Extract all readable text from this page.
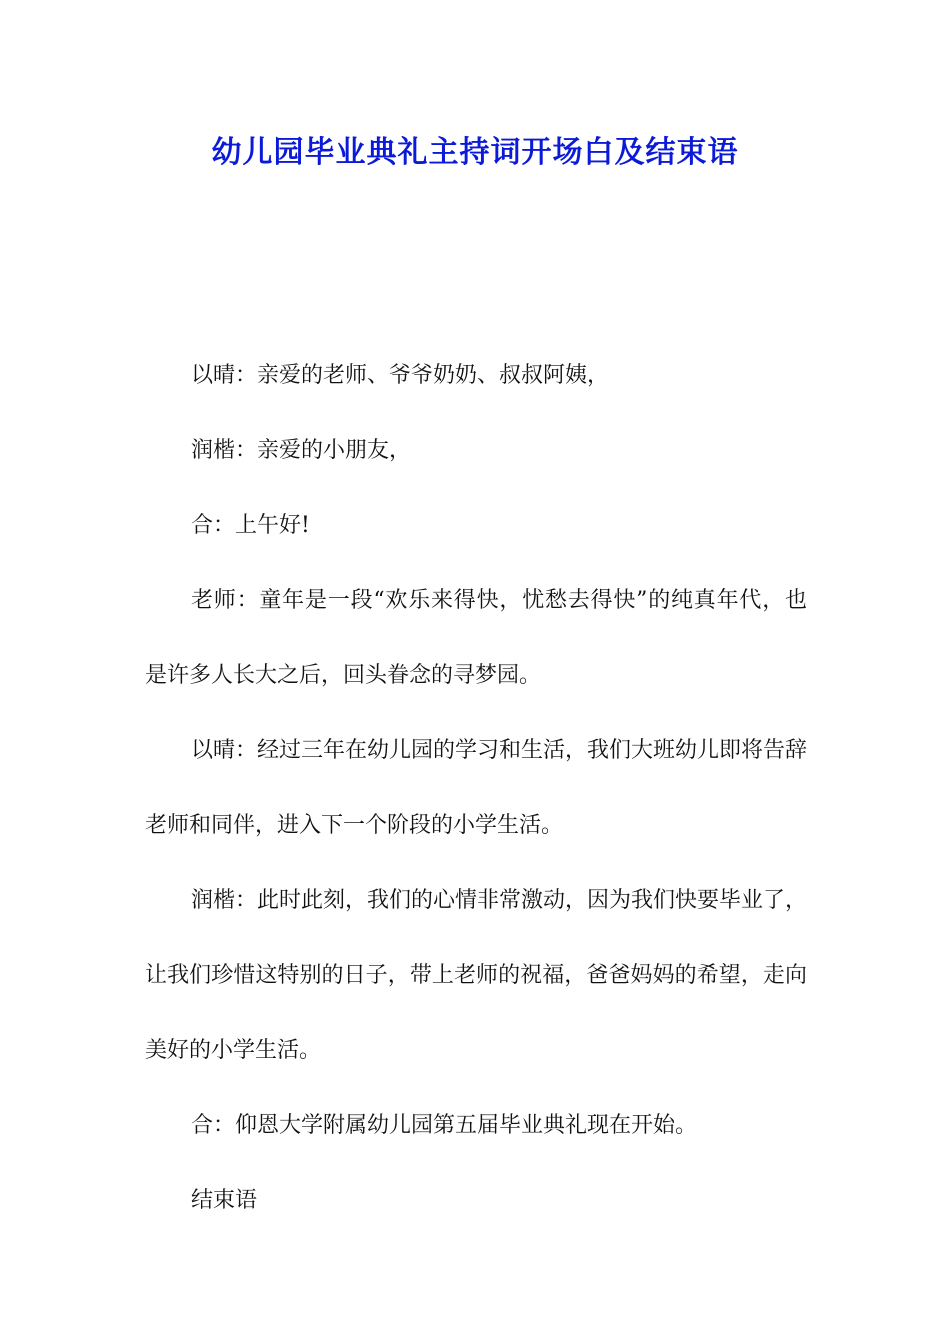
幼儿园毕业典礼主持词开场白及结束语

以晴：亲爱的老师、爷爷奶奶、叔叔阿姨，

润楷：亲爱的小朋友，

合：上午好!

老师：童年是一段“欢乐来得快，忧愁去得快”的纯真年代，也是许多人长大之后，回头眷念的寻梦园。

以晴：经过三年在幼儿园的学习和生活，我们大班幼儿即将告辞老师和同伴，进入下一个阶段的小学生活。

润楷：此时此刻，我们的心情非常激动，因为我们快要毕业了，让我们珍惜这特别的日子，带上老师的祝福，爸爸妈妈的希望，走向美好的小学生活。

合：仰恩大学附属幼儿园第五届毕业典礼现在开始。

结束语
